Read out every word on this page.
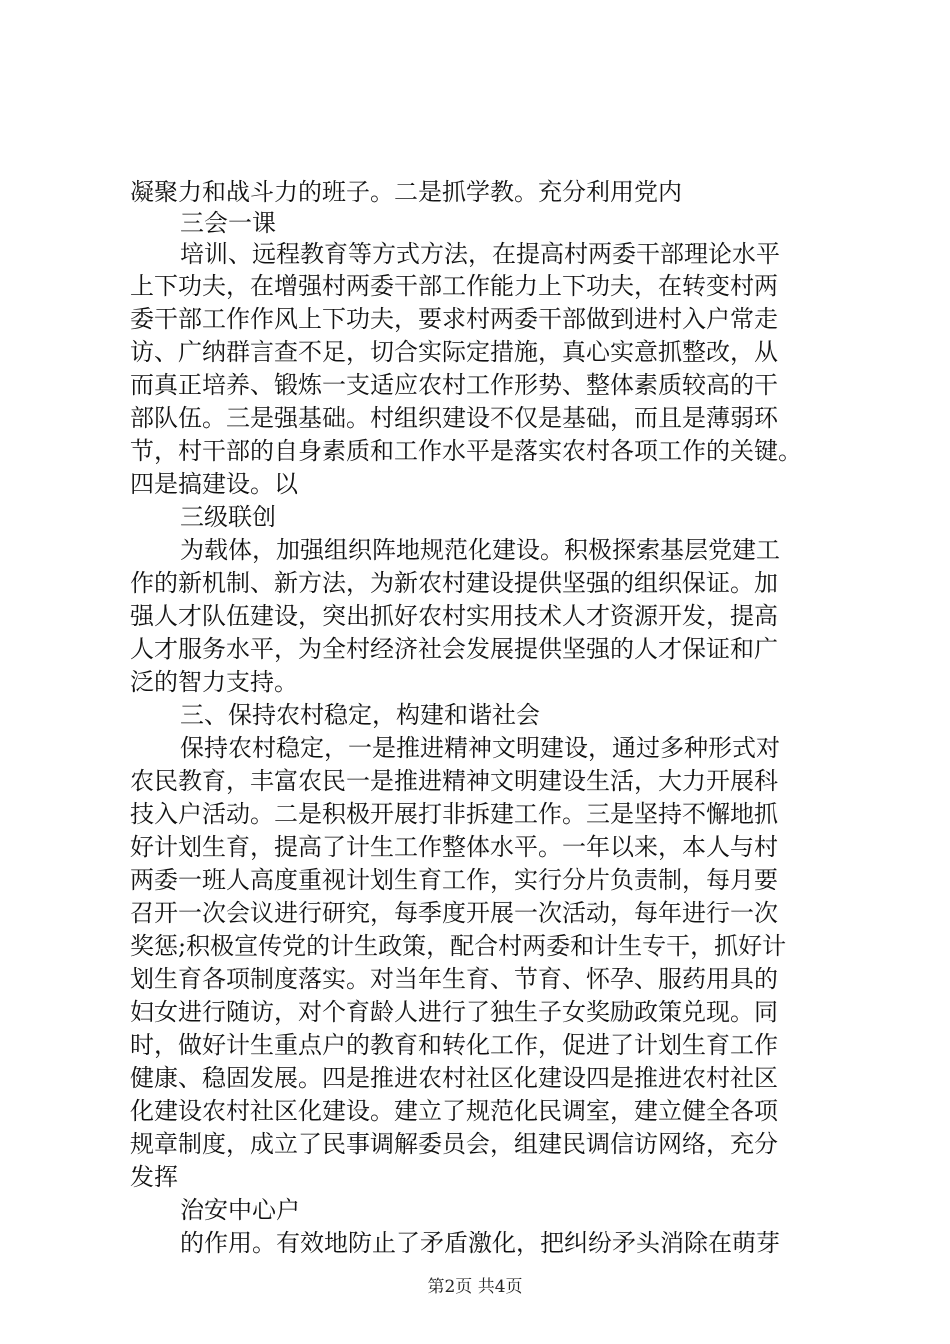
凝聚力和战斗力的班子。二是抓学教。充分利用党内
三会一课
培训、远程教育等方式方法，在提高村两委干部理论水平
上下功夫，在增强村两委干部工作能力上下功夫，在转变村两
委干部工作作风上下功夫，要求村两委干部做到进村入户常走
访、广纳群言查不足，切合实际定措施，真心实意抓整改，从
而真正培养、锻炼一支适应农村工作形势、整体素质较高的干
部队伍。三是强基础。村组织建设不仅是基础，而且是薄弱环
节，村干部的自身素质和工作水平是落实农村各项工作的关键。
四是搞建设。以
三级联创
为载体，加强组织阵地规范化建设。积极探索基层党建工
作的新机制、新方法，为新农村建设提供坚强的组织保证。加
强人才队伍建设，突出抓好农村实用技术人才资源开发，提高
人才服务水平，为全村经济社会发展提供坚强的人才保证和广
泛的智力支持。
三、保持农村稳定，构建和谐社会
保持农村稳定，一是推进精神文明建设，通过多种形式对
农民教育，丰富农民一是推进精神文明建设生活，大力开展科
技入户活动。二是积极开展打非拆建工作。三是坚持不懈地抓
好计划生育，提高了计生工作整体水平。一年以来，本人与村
两委一班人高度重视计划生育工作，实行分片负责制，每月要
召开一次会议进行研究，每季度开展一次活动，每年进行一次
奖惩;积极宣传党的计生政策，配合村两委和计生专干，抓好计
划生育各项制度落实。对当年生育、节育、怀孕、服药用具的
妇女进行随访，对个育龄人进行了独生子女奖励政策兑现。同
时，做好计生重点户的教育和转化工作，促进了计划生育工作
健康、稳固发展。四是推进农村社区化建设四是推进农村社区
化建设农村社区化建设。建立了规范化民调室，建立健全各项
规章制度，成立了民事调解委员会，组建民调信访网络，充分
发挥
治安中心户
的作用。有效地防止了矛盾激化，把纠纷矛头消除在萌芽
第2页 共4页
